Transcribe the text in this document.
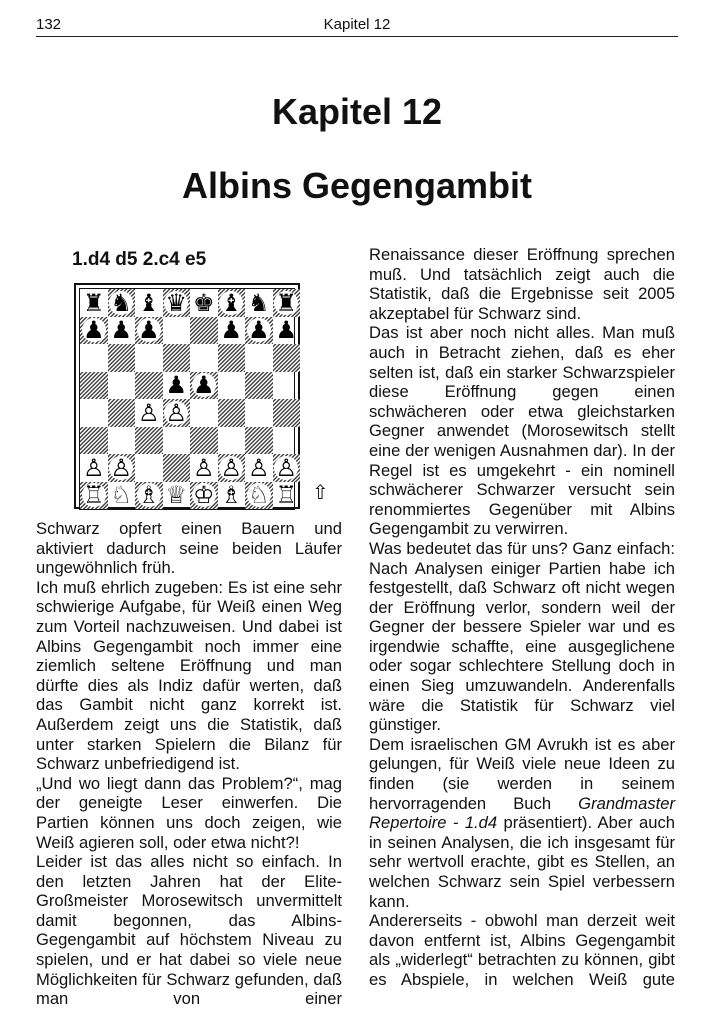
132	Kapitel 12
Kapitel 12
Albins Gegengambit
1.d4 d5 2.c4 e5
♜ ♞ ♝ ♛ ♚ ♝ ♞ ♜
♟ ♟ ♟	♟ ♟ ♟
♟ ♟
♙ ♙
♙ ♙	♙ ♙ ♙ ♙
♖ ♘ ♗ ♕ ♔ ♗ ♘ ♖ ⇧

Schwarz opfert einen Bauern und aktiviert dadurch seine beiden Läufer ungewöhnlich früh.

Ich muß ehrlich zugeben: Es ist eine sehr schwierige Aufgabe, für Weiß einen Weg zum Vorteil nachzuweisen. Und dabei ist Albins Gegengambit noch immer eine ziemlich seltene Eröffnung und man dürfte dies als Indiz dafür werten, daß das Gambit nicht ganz korrekt ist. Außerdem zeigt uns die Statistik, daß unter starken Spielern die Bilanz für Schwarz unbefriedigend ist.

„Und wo liegt dann das Problem?“, mag der geneigte Leser einwerfen. Die Partien können uns doch zeigen, wie Weiß agieren soll, oder etwa nicht?!

Leider ist das alles nicht so einfach. In den letzten Jahren hat der Elite-Großmeister Morosewitsch unvermittelt damit begonnen, das Albins-Gegengambit auf höchstem Niveau zu spielen, und er hat dabei so viele neue Möglichkeiten für Schwarz gefunden, daß man von einer

Renaissance dieser Eröffnung sprechen muß. Und tatsächlich zeigt auch die Statistik, daß die Ergebnisse seit 2005 akzeptabel für Schwarz sind.

Das ist aber noch nicht alles. Man muß auch in Betracht ziehen, daß es eher selten ist, daß ein starker Schwarzspieler diese Eröffnung gegen einen schwächeren oder etwa gleichstarken Gegner anwendet (Morosewitsch stellt eine der wenigen Ausnahmen dar). In der Regel ist es umgekehrt - ein nominell schwächerer Schwarzer versucht sein renommiertes Gegenüber mit Albins Gegengambit zu verwirren.

Was bedeutet das für uns? Ganz einfach: Nach Analysen einiger Partien habe ich festgestellt, daß Schwarz oft nicht wegen der Eröffnung verlor, sondern weil der Gegner der bessere Spieler war und es irgendwie schaffte, eine ausgeglichene oder sogar schlechtere Stellung doch in einen Sieg umzuwandeln. Anderenfalls wäre die Statistik für Schwarz viel günstiger.

Dem israelischen GM Avrukh ist es aber gelungen, für Weiß viele neue Ideen zu finden (sie werden in seinem hervorragenden Buch Grandmaster Repertoire - 1.d4 präsentiert). Aber auch in seinen Analysen, die ich insgesamt für sehr wertvoll erachte, gibt es Stellen, an welchen Schwarz sein Spiel verbessern kann.

Andererseits - obwohl man derzeit weit davon entfernt ist, Albins Gegengambit als „widerlegt“ betrachten zu können, gibt es Abspiele, in welchen Weiß gute
